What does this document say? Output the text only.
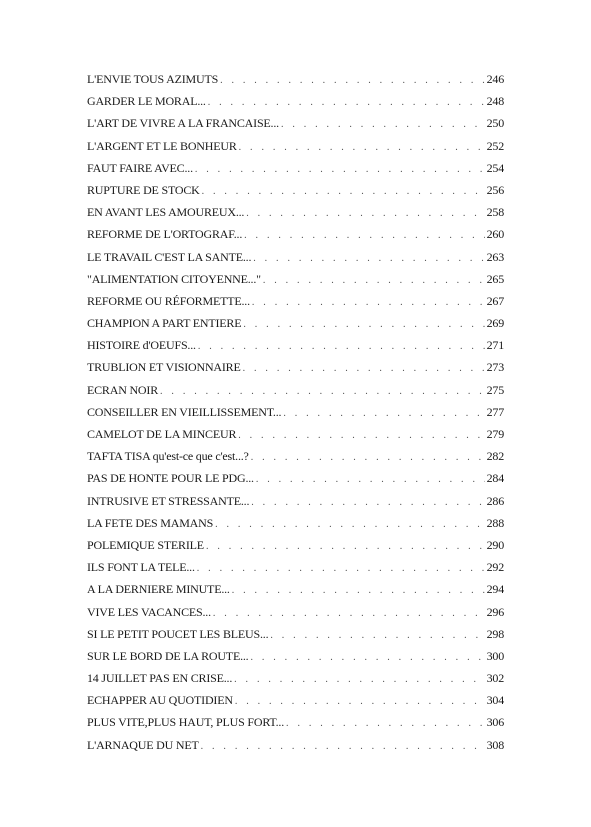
L'ENVIE TOUS AZIMUTS . . .	246
GARDER LE MORAL... . . .	248
L'ART DE VIVRE A LA FRANCAISE... . . .	250
L'ARGENT ET LE BONHEUR . . .	252
FAUT FAIRE AVEC... . . .	254
RUPTURE DE STOCK . . .	256
EN AVANT LES AMOUREUX... . . .	258
REFORME DE L'ORTOGRAF... . . .	260
LE TRAVAIL C'EST LA SANTE... . . .	263
"ALIMENTATION CITOYENNE..." . . .	265
REFORME OU RÉFORMETTE... . . .	267
CHAMPION A PART ENTIERE . . .	269
HISTOIRE d'OEUFS... . . .	271
TRUBLION ET VISIONNAIRE . . .	273
ECRAN NOIR . . .	275
CONSEILLER EN VIEILLISSEMENT... . . .	277
CAMELOT DE LA MINCEUR . . .	279
TAFTA TISA qu'est-ce que c'est...? . . .	282
PAS DE HONTE POUR LE PDG... . . .	284
INTRUSIVE ET STRESSANTE... . . .	286
LA FETE DES MAMANS . . .	288
POLEMIQUE STERILE . . .	290
ILS FONT LA TELE... . . .	292
A LA DERNIERE MINUTE... . . .	294
VIVE LES VACANCES... . . .	296
SI LE PETIT POUCET LES BLEUS... . . .	298
SUR LE BORD DE LA ROUTE... . . .	300
14 JUILLET PAS EN CRISE... . . .	302
ECHAPPER AU QUOTIDIEN . . .	304
PLUS VITE,PLUS HAUT, PLUS FORT... . . .	306
L'ARNAQUE DU NET . . .	308
